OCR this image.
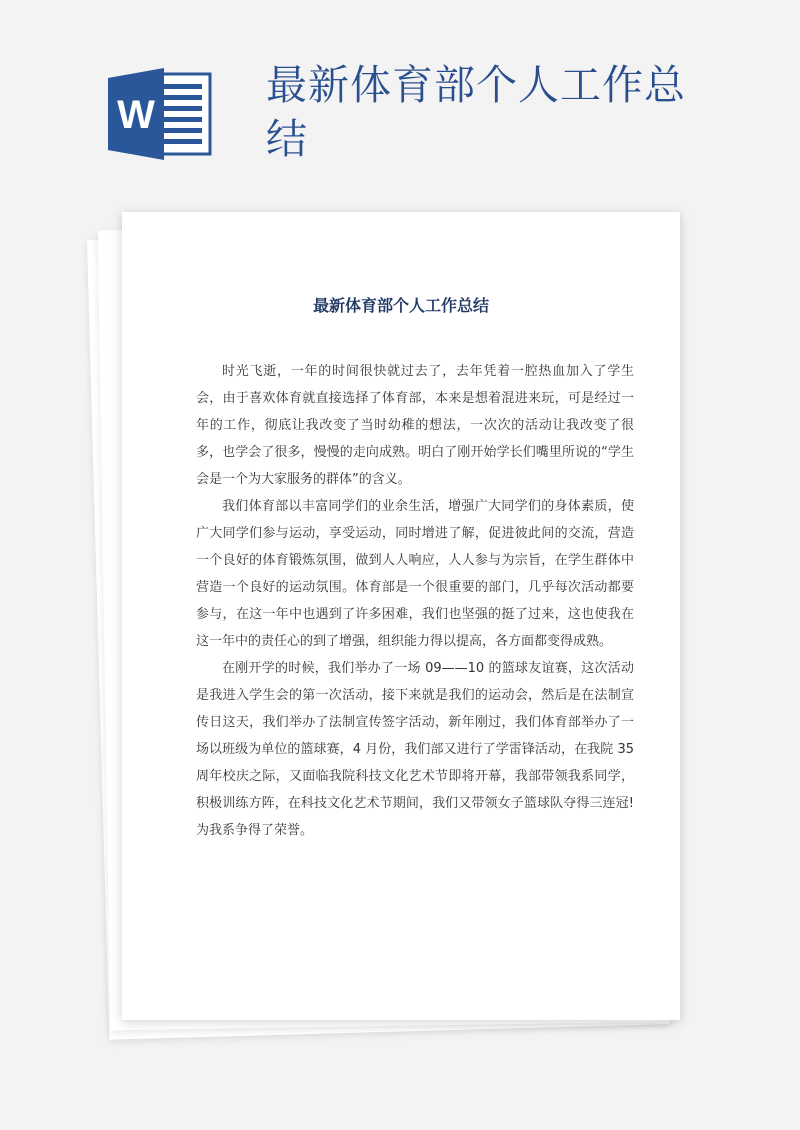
W
最新体育部个人工作总结
最新体育部个人工作总结

时光飞逝，一年的时间很快就过去了，去年凭着一腔热血加入了学生会，由于喜欢体育就直接选择了体育部，本来是想着混进来玩，可是经过一年的工作，彻底让我改变了当时幼稚的想法，一次次的活动让我改变了很多，也学会了很多，慢慢的走向成熟。明白了刚开始学长们嘴里所说的“学生会是一个为大家服务的群体”的含义。

我们体育部以丰富同学们的业余生活，增强广大同学们的身体素质，使广大同学们参与运动，享受运动，同时增进了解，促进彼此间的交流，营造一个良好的体育锻炼氛围，做到人人响应，人人参与为宗旨，在学生群体中营造一个良好的运动氛围。体育部是一个很重要的部门，几乎每次活动都要参与，在这一年中也遇到了许多困难，我们也坚强的挺了过来，这也使我在这一年中的责任心的到了增强，组织能力得以提高，各方面都变得成熟。

在刚开学的时候，我们举办了一场 09——10 的篮球友谊赛，这次活动是我进入学生会的第一次活动，接下来就是我们的运动会，然后是在法制宣传日这天，我们举办了法制宣传签字活动，新年刚过，我们体育部举办了一场以班级为单位的篮球赛，4 月份，我们部又进行了学雷锋活动，在我院 35 周年校庆之际，又面临我院科技文化艺术节即将开幕，我部带领我系同学，积极训练方阵，在科技文化艺术节期间，我们又带领女子篮球队夺得三连冠!为我系争得了荣誉。
